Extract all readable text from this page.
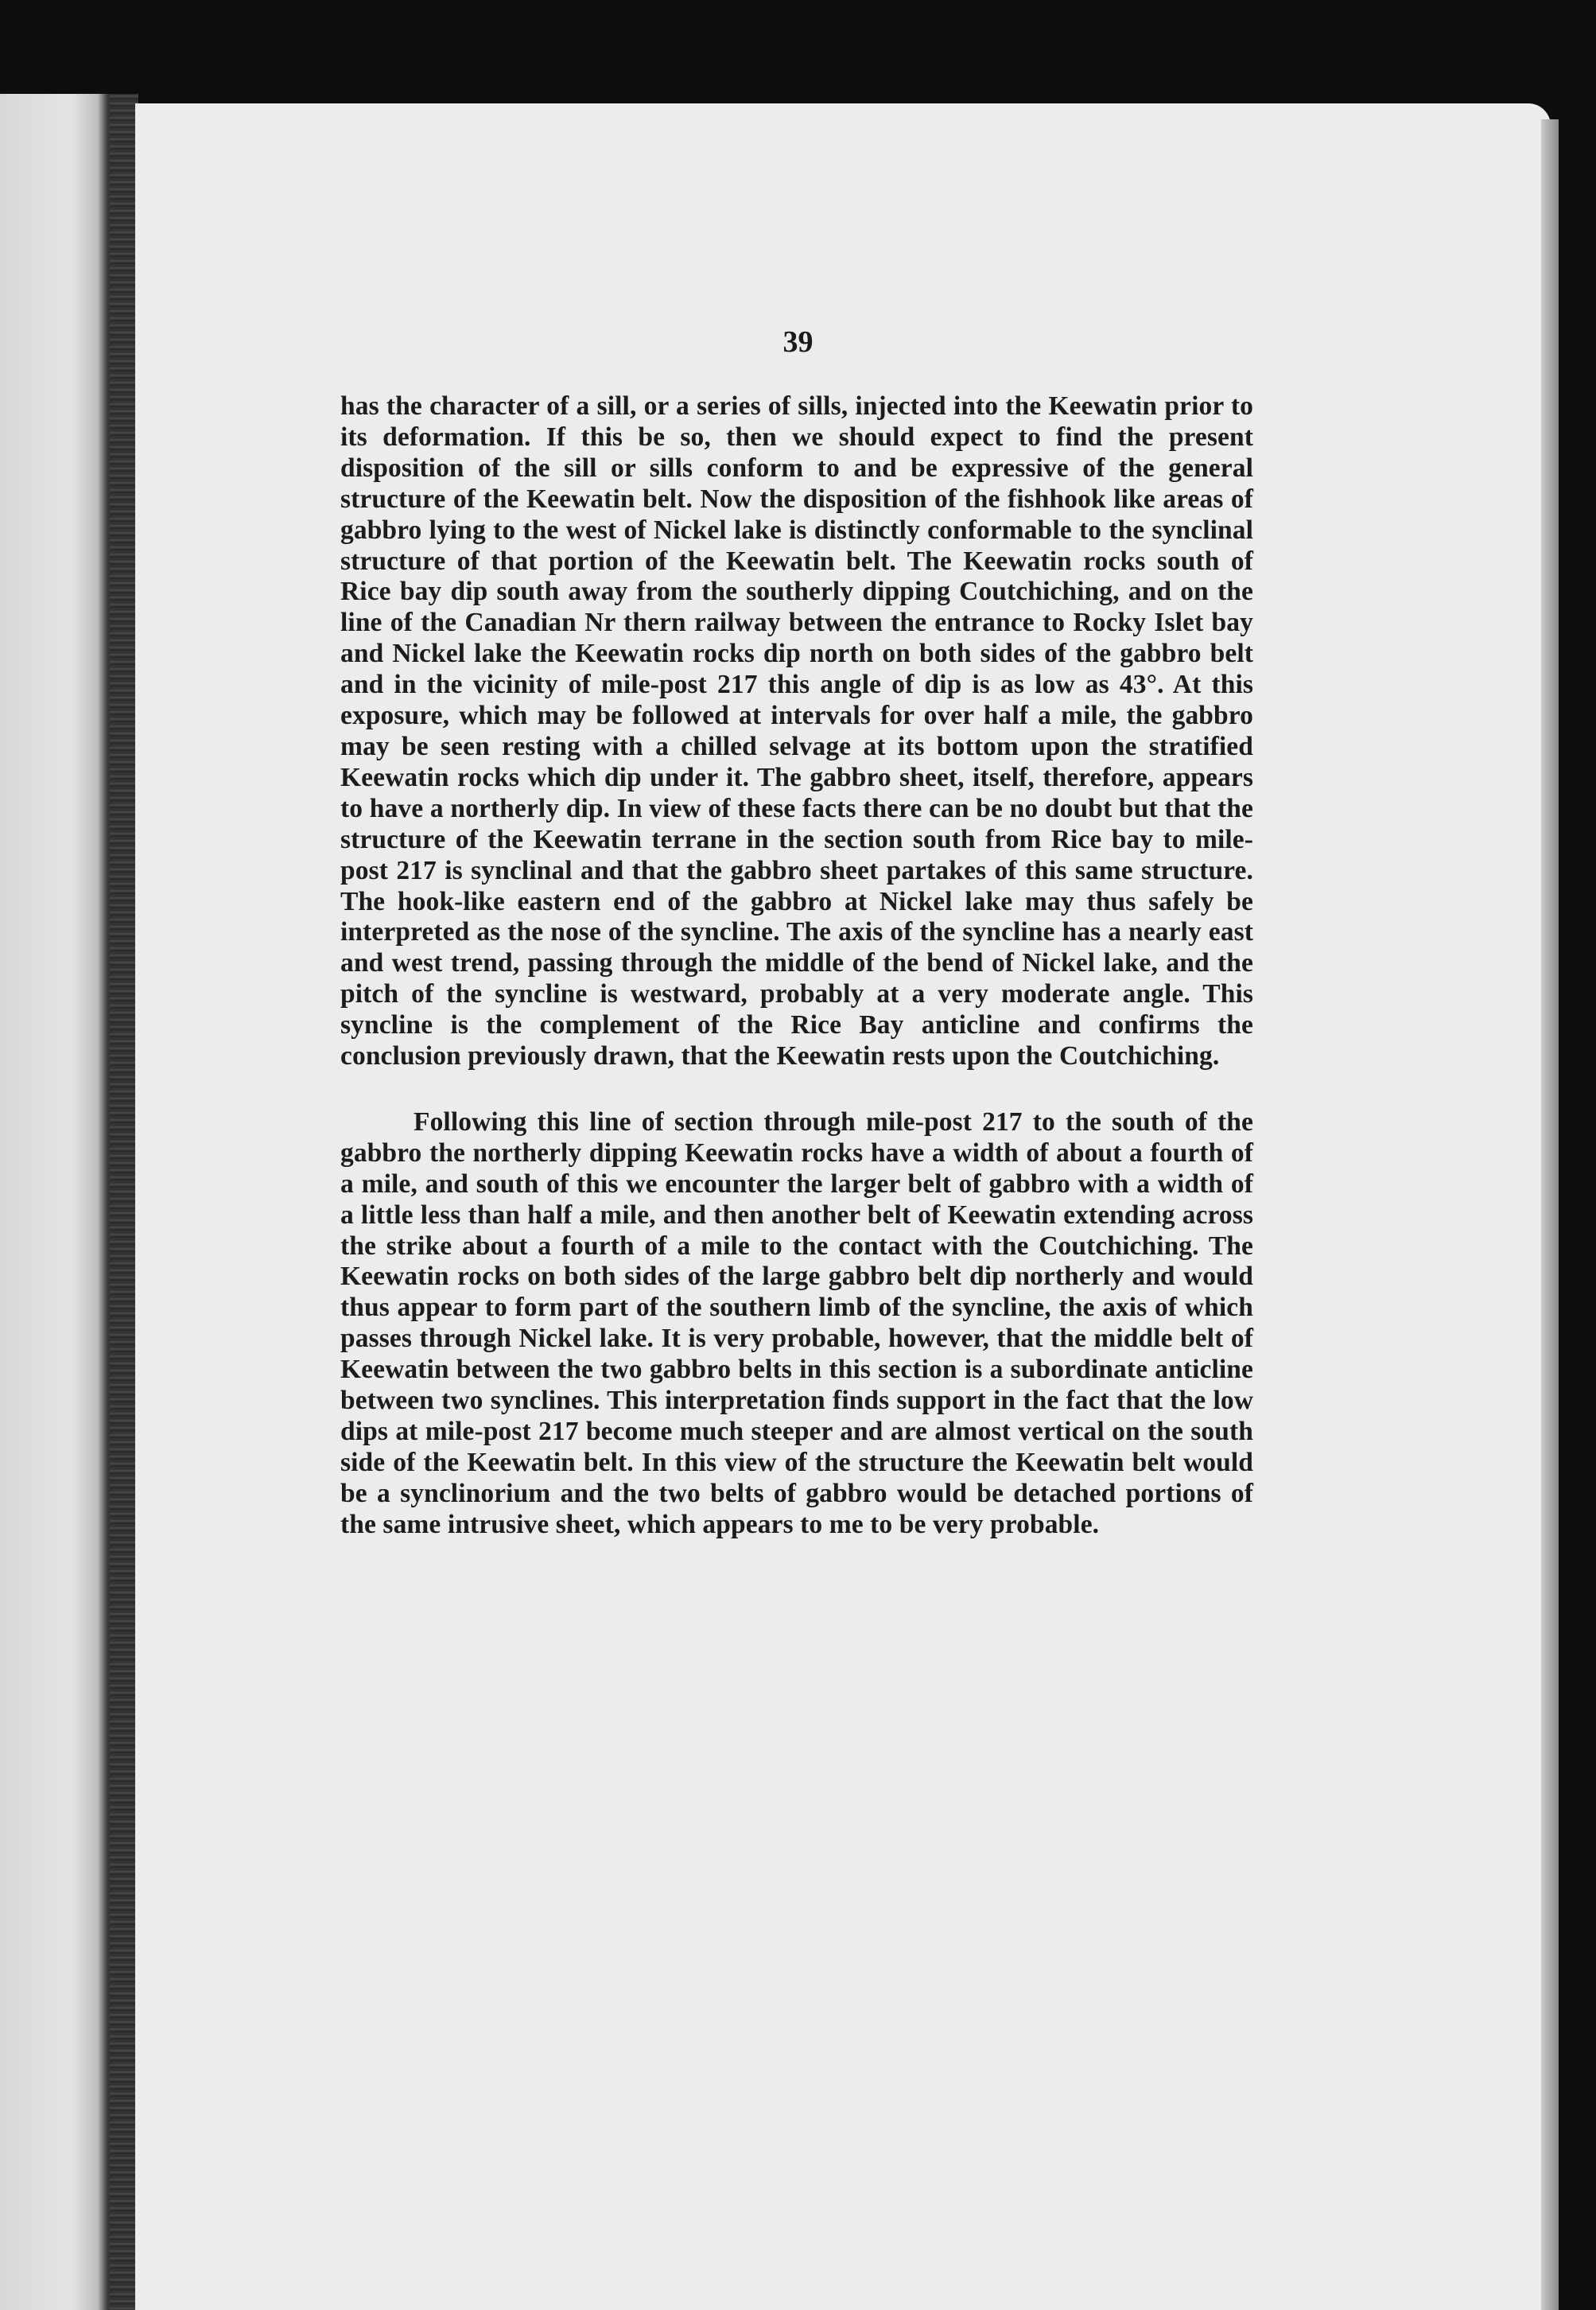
39

has the character of a sill, or a series of sills, injected into the Keewatin prior to its deformation. If this be so, then we should expect to find the present disposition of the sill or sills conform to and be expressive of the general structure of the Keewatin belt. Now the disposition of the fishhook like areas of gabbro lying to the west of Nickel lake is distinctly conformable to the synclinal structure of that portion of the Keewatin belt. The Keewatin rocks south of Rice bay dip south away from the southerly dipping Coutchiching, and on the line of the Canadian Nr thern railway between the entrance to Rocky Islet bay and Nickel lake the Keewatin rocks dip north on both sides of the gabbro belt and in the vicinity of mile-post 217 this angle of dip is as low as 43°. At this exposure, which may be followed at intervals for over half a mile, the gabbro may be seen resting with a chilled selvage at its bottom upon the stratified Keewatin rocks which dip under it. The gabbro sheet, itself, therefore, appears to have a northerly dip. In view of these facts there can be no doubt but that the structure of the Keewatin terrane in the section south from Rice bay to mile-post 217 is synclinal and that the gabbro sheet partakes of this same structure. The hook-like eastern end of the gabbro at Nickel lake may thus safely be interpreted as the nose of the syncline. The axis of the syncline has a nearly east and west trend, passing through the middle of the bend of Nickel lake, and the pitch of the syncline is westward, probably at a very moderate angle. This syncline is the complement of the Rice Bay anticline and confirms the conclusion previously drawn, that the Keewatin rests upon the Coutchiching.

Following this line of section through mile-post 217 to the south of the gabbro the northerly dipping Keewatin rocks have a width of about a fourth of a mile, and south of this we encounter the larger belt of gabbro with a width of a little less than half a mile, and then another belt of Keewatin extending across the strike about a fourth of a mile to the contact with the Coutchiching. The Keewatin rocks on both sides of the large gabbro belt dip northerly and would thus appear to form part of the southern limb of the syncline, the axis of which passes through Nickel lake. It is very probable, however, that the middle belt of Keewatin between the two gabbro belts in this section is a subordinate anticline between two synclines. This interpretation finds support in the fact that the low dips at mile-post 217 become much steeper and are almost vertical on the south side of the Keewatin belt. In this view of the structure the Keewatin belt would be a synclinorium and the two belts of gabbro would be detached portions of the same intrusive sheet, which appears to me to be very probable.
